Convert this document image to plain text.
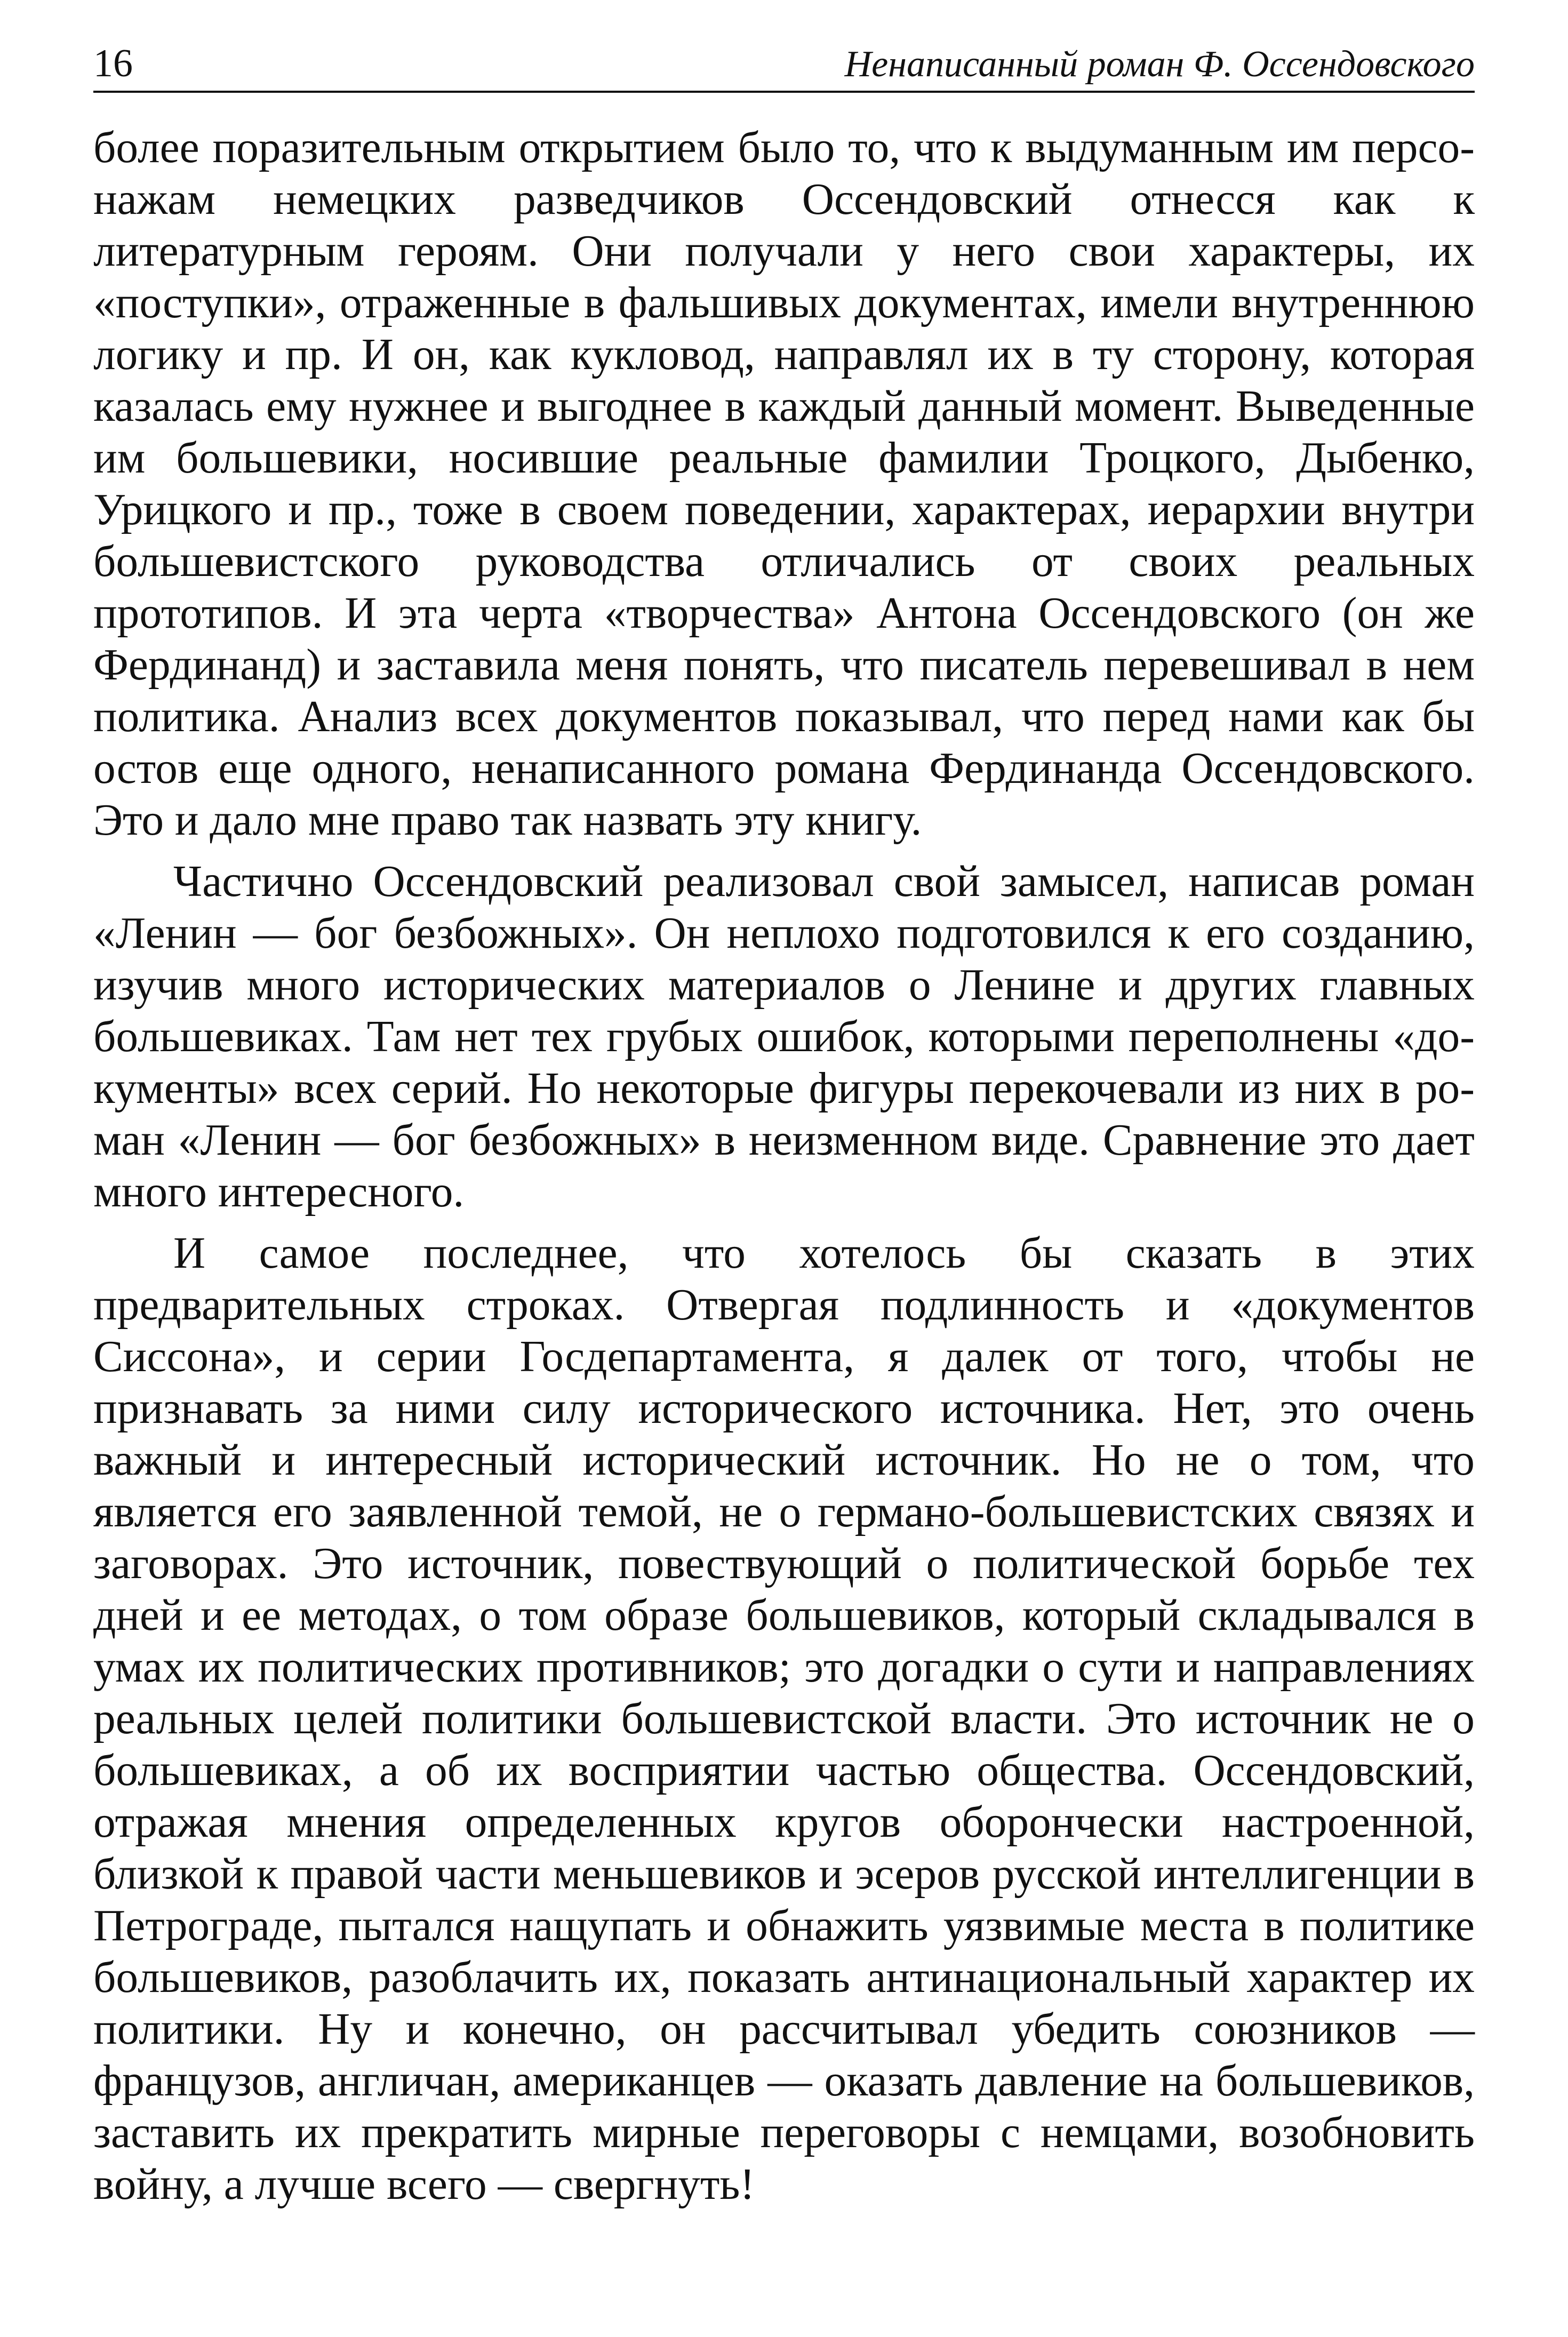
16	Ненаписанный роман Ф. Оссендовского

более поразительным открытием было то, что к выдуманным им персонажам немецких разведчиков Оссендовский отнесся как к литературным героям. Они получали у него свои характеры, их «поступки», отраженные в фальшивых документах, имели внутреннюю логику и пр. И он, как кукловод, направлял их в ту сторону, которая казалась ему нужнее и выгоднее в каждый данный момент. Выведенные им большевики, носившие реальные фамилии Троцкого, Дыбенко, Урицкого и пр., тоже в своем поведении, характерах, иерархии внутри большевистского руководства отличались от своих реальных прототипов. И эта черта «творчества» Антона Оссендовского (он же Фердинанд) и заставила меня понять, что писатель перевешивал в нем политика. Анализ всех документов показывал, что перед нами как бы остов еще одного, ненаписанного романа Фердинанда Оссендовского. Это и дало мне право так назвать эту книгу.

Частично Оссендовский реализовал свой замысел, написав роман «Ленин — бог безбожных». Он неплохо подготовился к его созданию, изучив много исторических материалов о Ленине и других главных большевиках. Там нет тех грубых ошибок, которыми переполнены «документы» всех серий. Но некоторые фигуры перекочевали из них в роман «Ленин — бог безбожных» в неизменном виде. Сравнение это дает много интересного.

И самое последнее, что хотелось бы сказать в этих предварительных строках. Отвергая подлинность и «документов Сиссона», и серии Госдепартамента, я далек от того, чтобы не признавать за ними силу исторического источника. Нет, это очень важный и интересный исторический источник. Но не о том, что является его заявленной темой, не о германо-большевистских связях и заговорах. Это источник, повествующий о политической борьбе тех дней и ее методах, о том образе большевиков, который складывался в умах их политических противников; это догадки о сути и направлениях реальных целей политики большевистской власти. Это источник не о большевиках, а об их восприятии частью общества. Оссендовский, отражая мнения определенных кругов оборончески настроенной, близкой к правой части меньшевиков и эсеров русской интеллигенции в Петрограде, пытался нащупать и обнажить уязвимые места в политике большевиков, разоблачить их, показать антинациональный характер их политики. Ну и конечно, он рассчитывал убедить союзников — французов, англичан, американцев — оказать давление на большевиков, заставить их прекратить мирные переговоры с немцами, возобновить войну, а лучше всего — свергнуть!
